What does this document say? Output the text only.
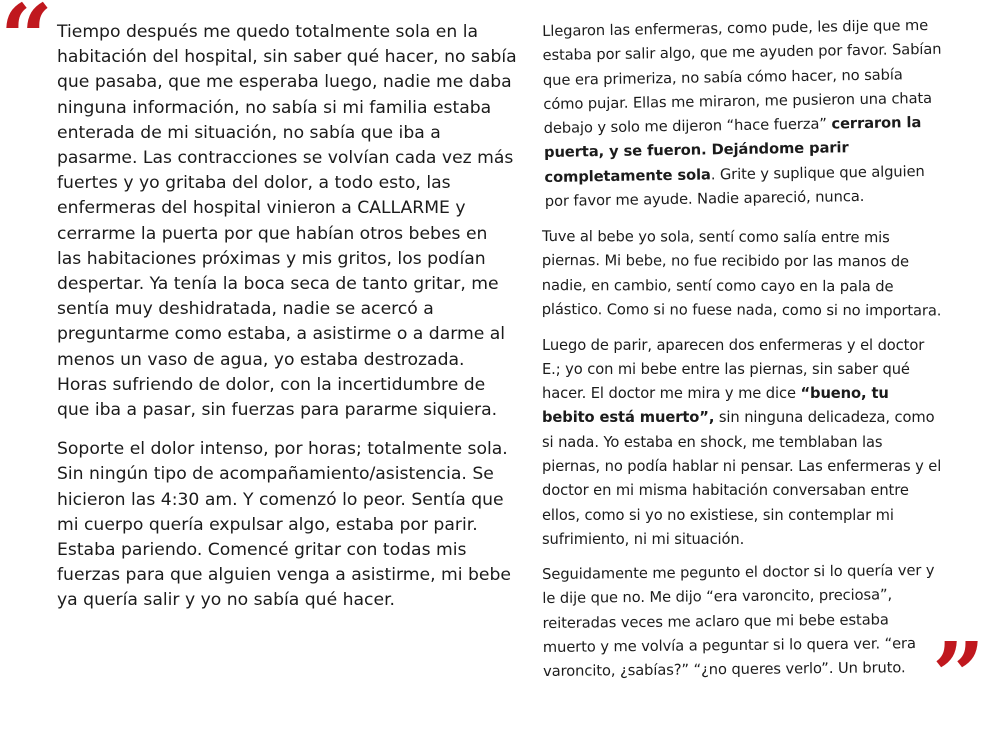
“ Tiempo después me quedo totalmente sola en la habitación del hospital, sin saber qué hacer, no sabía que pasaba, que me esperaba luego, nadie me daba ninguna información, no sabía si mi familia estaba enterada de mi situación, no sabía que iba a pasarme. Las contracciones se volvían cada vez más fuertes y yo gritaba del dolor, a todo esto, las enfermeras del hospital vinieron a CALLARME y cerrarme la puerta por que habían otros bebes en las habitaciones próximas y mis gritos, los podían despertar. Ya tenía la boca seca de tanto gritar, me sentía muy deshidratada, nadie se acercó a preguntarme como estaba, a asistirme o a darme al menos un vaso de agua, yo estaba destrozada. Horas sufriendo de dolor, con la incertidumbre de que iba a pasar, sin fuerzas para pararme siquiera.

Soporte el dolor intenso, por horas; totalmente sola. Sin ningún tipo de acompañamiento/asistencia. Se hicieron las 4:30 am. Y comenzó lo peor. Sentía que mi cuerpo quería expulsar algo, estaba por parir. Estaba pariendo. Comencé gritar con todas mis fuerzas para que alguien venga a asistirme, mi bebe ya quería salir y yo no sabía qué hacer.

Llegaron las enfermeras, como pude, les dije que me estaba por salir algo, que me ayuden por favor. Sabían que era primeriza, no sabía cómo hacer, no sabía cómo pujar. Ellas me miraron, me pusieron una chata debajo y solo me dijeron “hace fuerza” cerraron la puerta, y se fueron. Dejándome parir completamente sola. Grite y suplique que alguien por favor me ayude. Nadie apareció, nunca.

Tuve al bebe yo sola, sentí como salía entre mis piernas. Mi bebe, no fue recibido por las manos de nadie, en cambio, sentí como cayo en la pala de plástico. Como si no fuese nada, como si no importara.

Luego de parir, aparecen dos enfermeras y el doctor E.; yo con mi bebe entre las piernas, sin saber qué hacer. El doctor me mira y me dice “bueno, tu bebito está muerto”, sin ninguna delicadeza, como si nada. Yo estaba en shock, me temblaban las piernas, no podía hablar ni pensar. Las enfermeras y el doctor en mi misma habitación conversaban entre ellos, como si yo no existiese, sin contemplar mi sufrimiento, ni mi situación.

Seguidamente me pegunto el doctor si lo quería ver y le dije que no. Me dijo “era varoncito, preciosa”, reiteradas veces me aclaro que mi bebe estaba muerto y me volvía a peguntar si lo quera ver. “era varoncito, ¿sabías?” “¿no queres verlo”. Un bruto. ”
